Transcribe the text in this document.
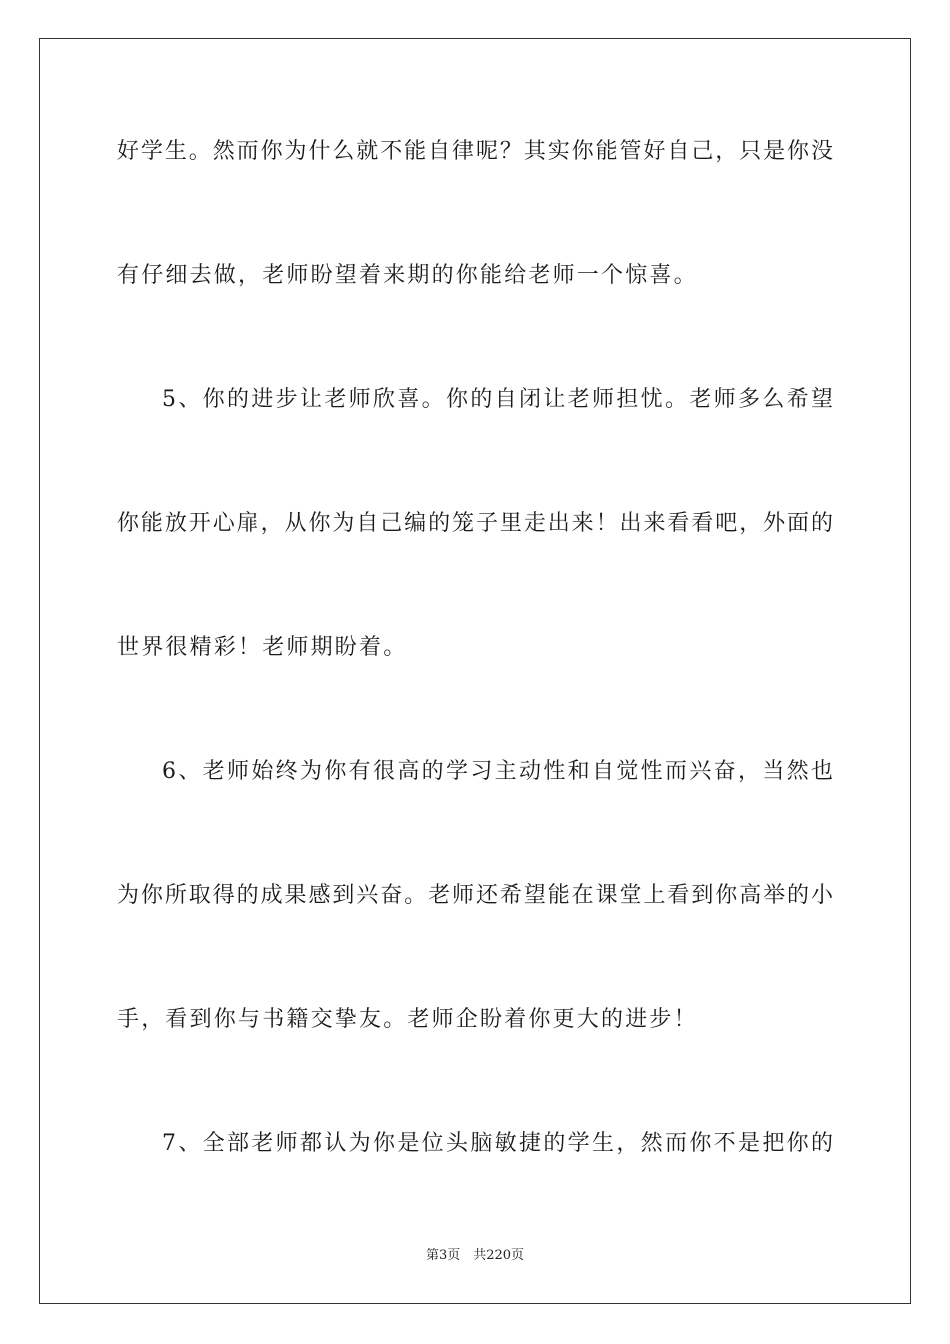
好学生。然而你为什么就不能自律呢？其实你能管好自己，只是你没
有仔细去做，老师盼望着来期的你能给老师一个惊喜。
5、你的进步让老师欣喜。你的自闭让老师担忧。老师多么希望
你能放开心扉，从你为自己编的笼子里走出来！出来看看吧，外面的
世界很精彩！老师期盼着。
6、老师始终为你有很高的学习主动性和自觉性而兴奋，当然也
为你所取得的成果感到兴奋。老师还希望能在课堂上看到你高举的小
手，看到你与书籍交挚友。老师企盼着你更大的进步！
7、全部老师都认为你是位头脑敏捷的学生，然而你不是把你的
第3页　共220页
